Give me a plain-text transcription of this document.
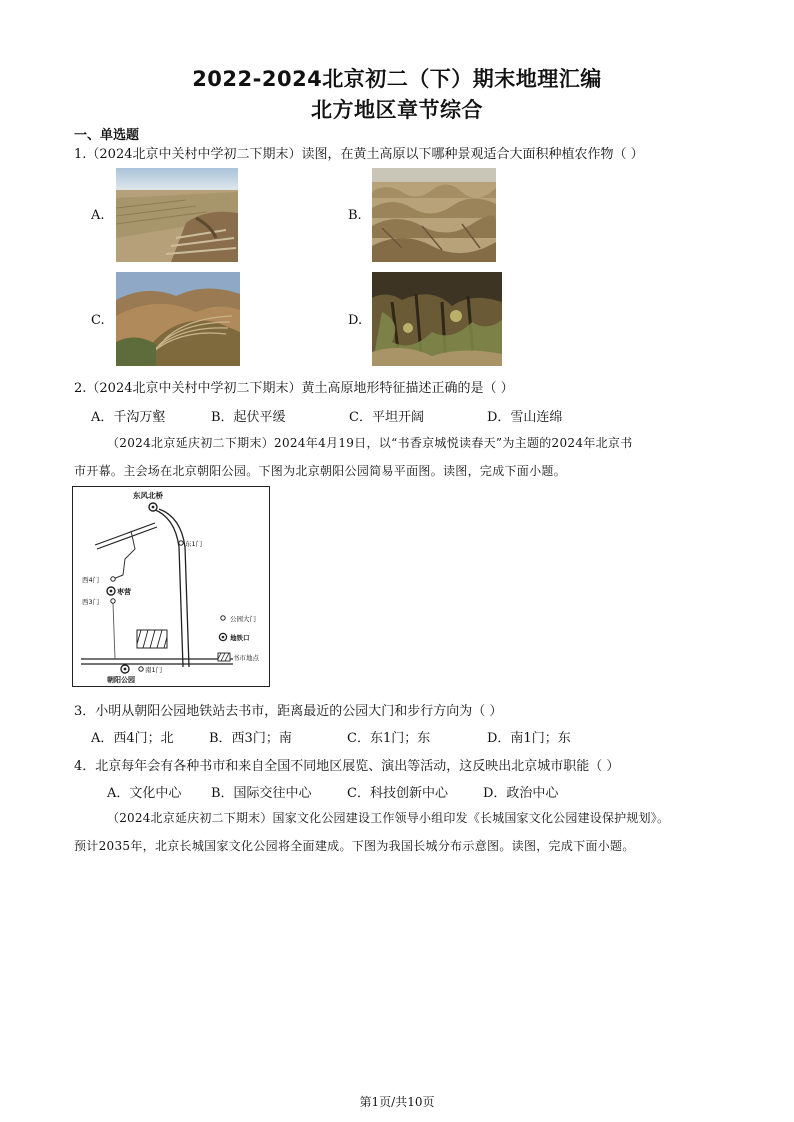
2022-2024北京初二（下）期末地理汇编
北方地区章节综合
一、单选题
1.（2024北京中关村中学初二下期末）读图，在黄土高原以下哪种景观适合大面积种植农作物（ ）
A.	B.
C.	D.
2.（2024北京中关村中学初二下期末）黄土高原地形特征描述正确的是（ ）
A．千沟万壑	B．起伏平缓	C．平坦开阔	D．雪山连绵
（2024北京延庆初二下期末）2024年4月19日，以“书香京城悦读春天”为主题的2024年北京书
市开幕。主会场在北京朝阳公园。下图为北京朝阳公园简易平面图。读图，完成下面小题。
东风北桥
东1门
西4门
西3门
枣营
南1门
朝阳公园
公园大门
地铁口
书市地点
3．小明从朝阳公园地铁站去书市，距离最近的公园大门和步行方向为（ ）
A．西4门；北	B．西3门；南	C．东1门；东	D．南1门；东
4．北京每年会有各种书市和来自全国不同地区展览、演出等活动，这反映出北京城市职能（ ）
A．文化中心 B．国际交往中心	C．科技创新中心	D．政治中心
（2024北京延庆初二下期末）国家文化公园建设工作领导小组印发《长城国家文化公园建设保护规划》。
预计2035年，北京长城国家文化公园将全面建成。下图为我国长城分布示意图。读图，完成下面小题。
第1页/共10页
